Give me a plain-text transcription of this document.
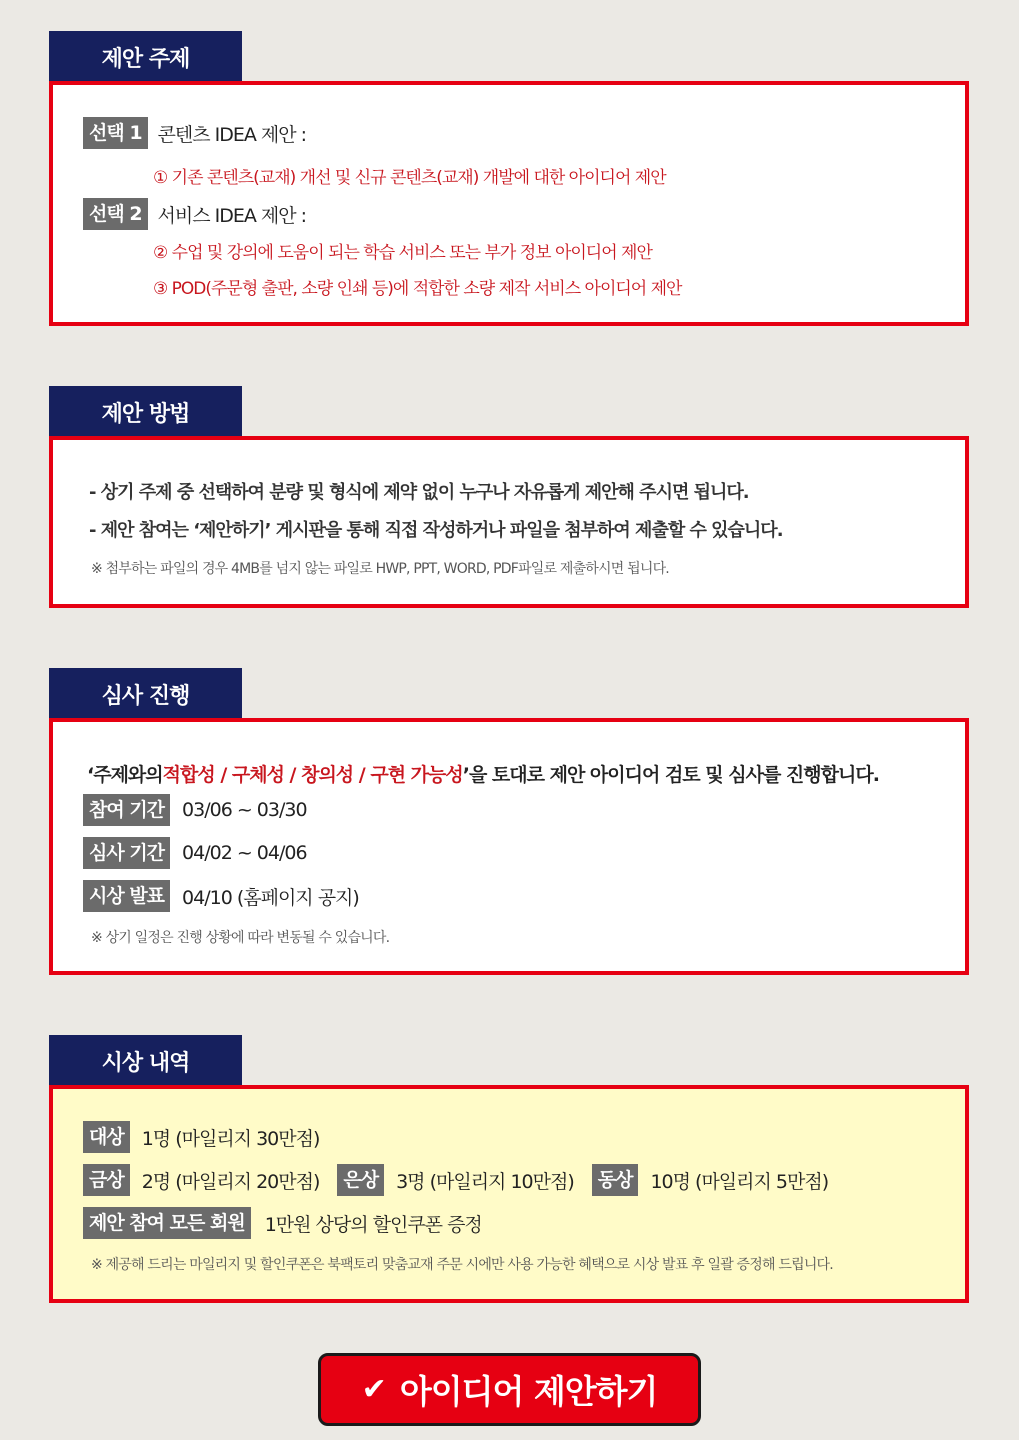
제안 주제
선택 1 콘텐츠 IDEA 제안 :
① 기존 콘텐츠(교재) 개선 및 신규 콘텐츠(교재) 개발에 대한 아이디어 제안
선택 2 서비스 IDEA 제안 :
② 수업 및 강의에 도움이 되는 학습 서비스 또는 부가 정보 아이디어 제안
③ POD(주문형 출판, 소량 인쇄 등)에 적합한 소량 제작 서비스 아이디어 제안
제안 방법
- 상기 주제 중 선택하여 분량 및 형식에 제약 없이 누구나 자유롭게 제안해 주시면 됩니다.
- 제안 참여는 ‘제안하기’ 게시판을 통해 직접 작성하거나 파일을 첨부하여 제출할 수 있습니다.
※ 첨부하는 파일의 경우 4MB를 넘지 않는 파일로 HWP, PPT, WORD, PDF파일로 제출하시면 됩니다.
심사 진행
‘주제와의 적합성 / 구체성 / 창의성 / 구현 가능성 ’을 토대로 제안 아이디어 검토 및 심사를 진행합니다.
참여 기간 03/06 ~ 03/30
심사 기간 04/02 ~ 04/06
시상 발표 04/10 (홈페이지 공지)
※ 상기 일정은 진행 상황에 따라 변동될 수 있습니다.
시상 내역
대상 1명 (마일리지 30만점)
금상 2명 (마일리지 20만점)	은상 3명 (마일리지 10만점)	동상 10명 (마일리지 5만점)
제안 참여 모든 회원	1만원 상당의 할인쿠폰 증정
※ 제공해 드리는 마일리지 및 할인쿠폰은 북팩토리 맞춤교재 주문 시에만 사용 가능한 혜택으로 시상 발표 후 일괄 증정해 드립니다.
✔ 아이디어 제안하기
